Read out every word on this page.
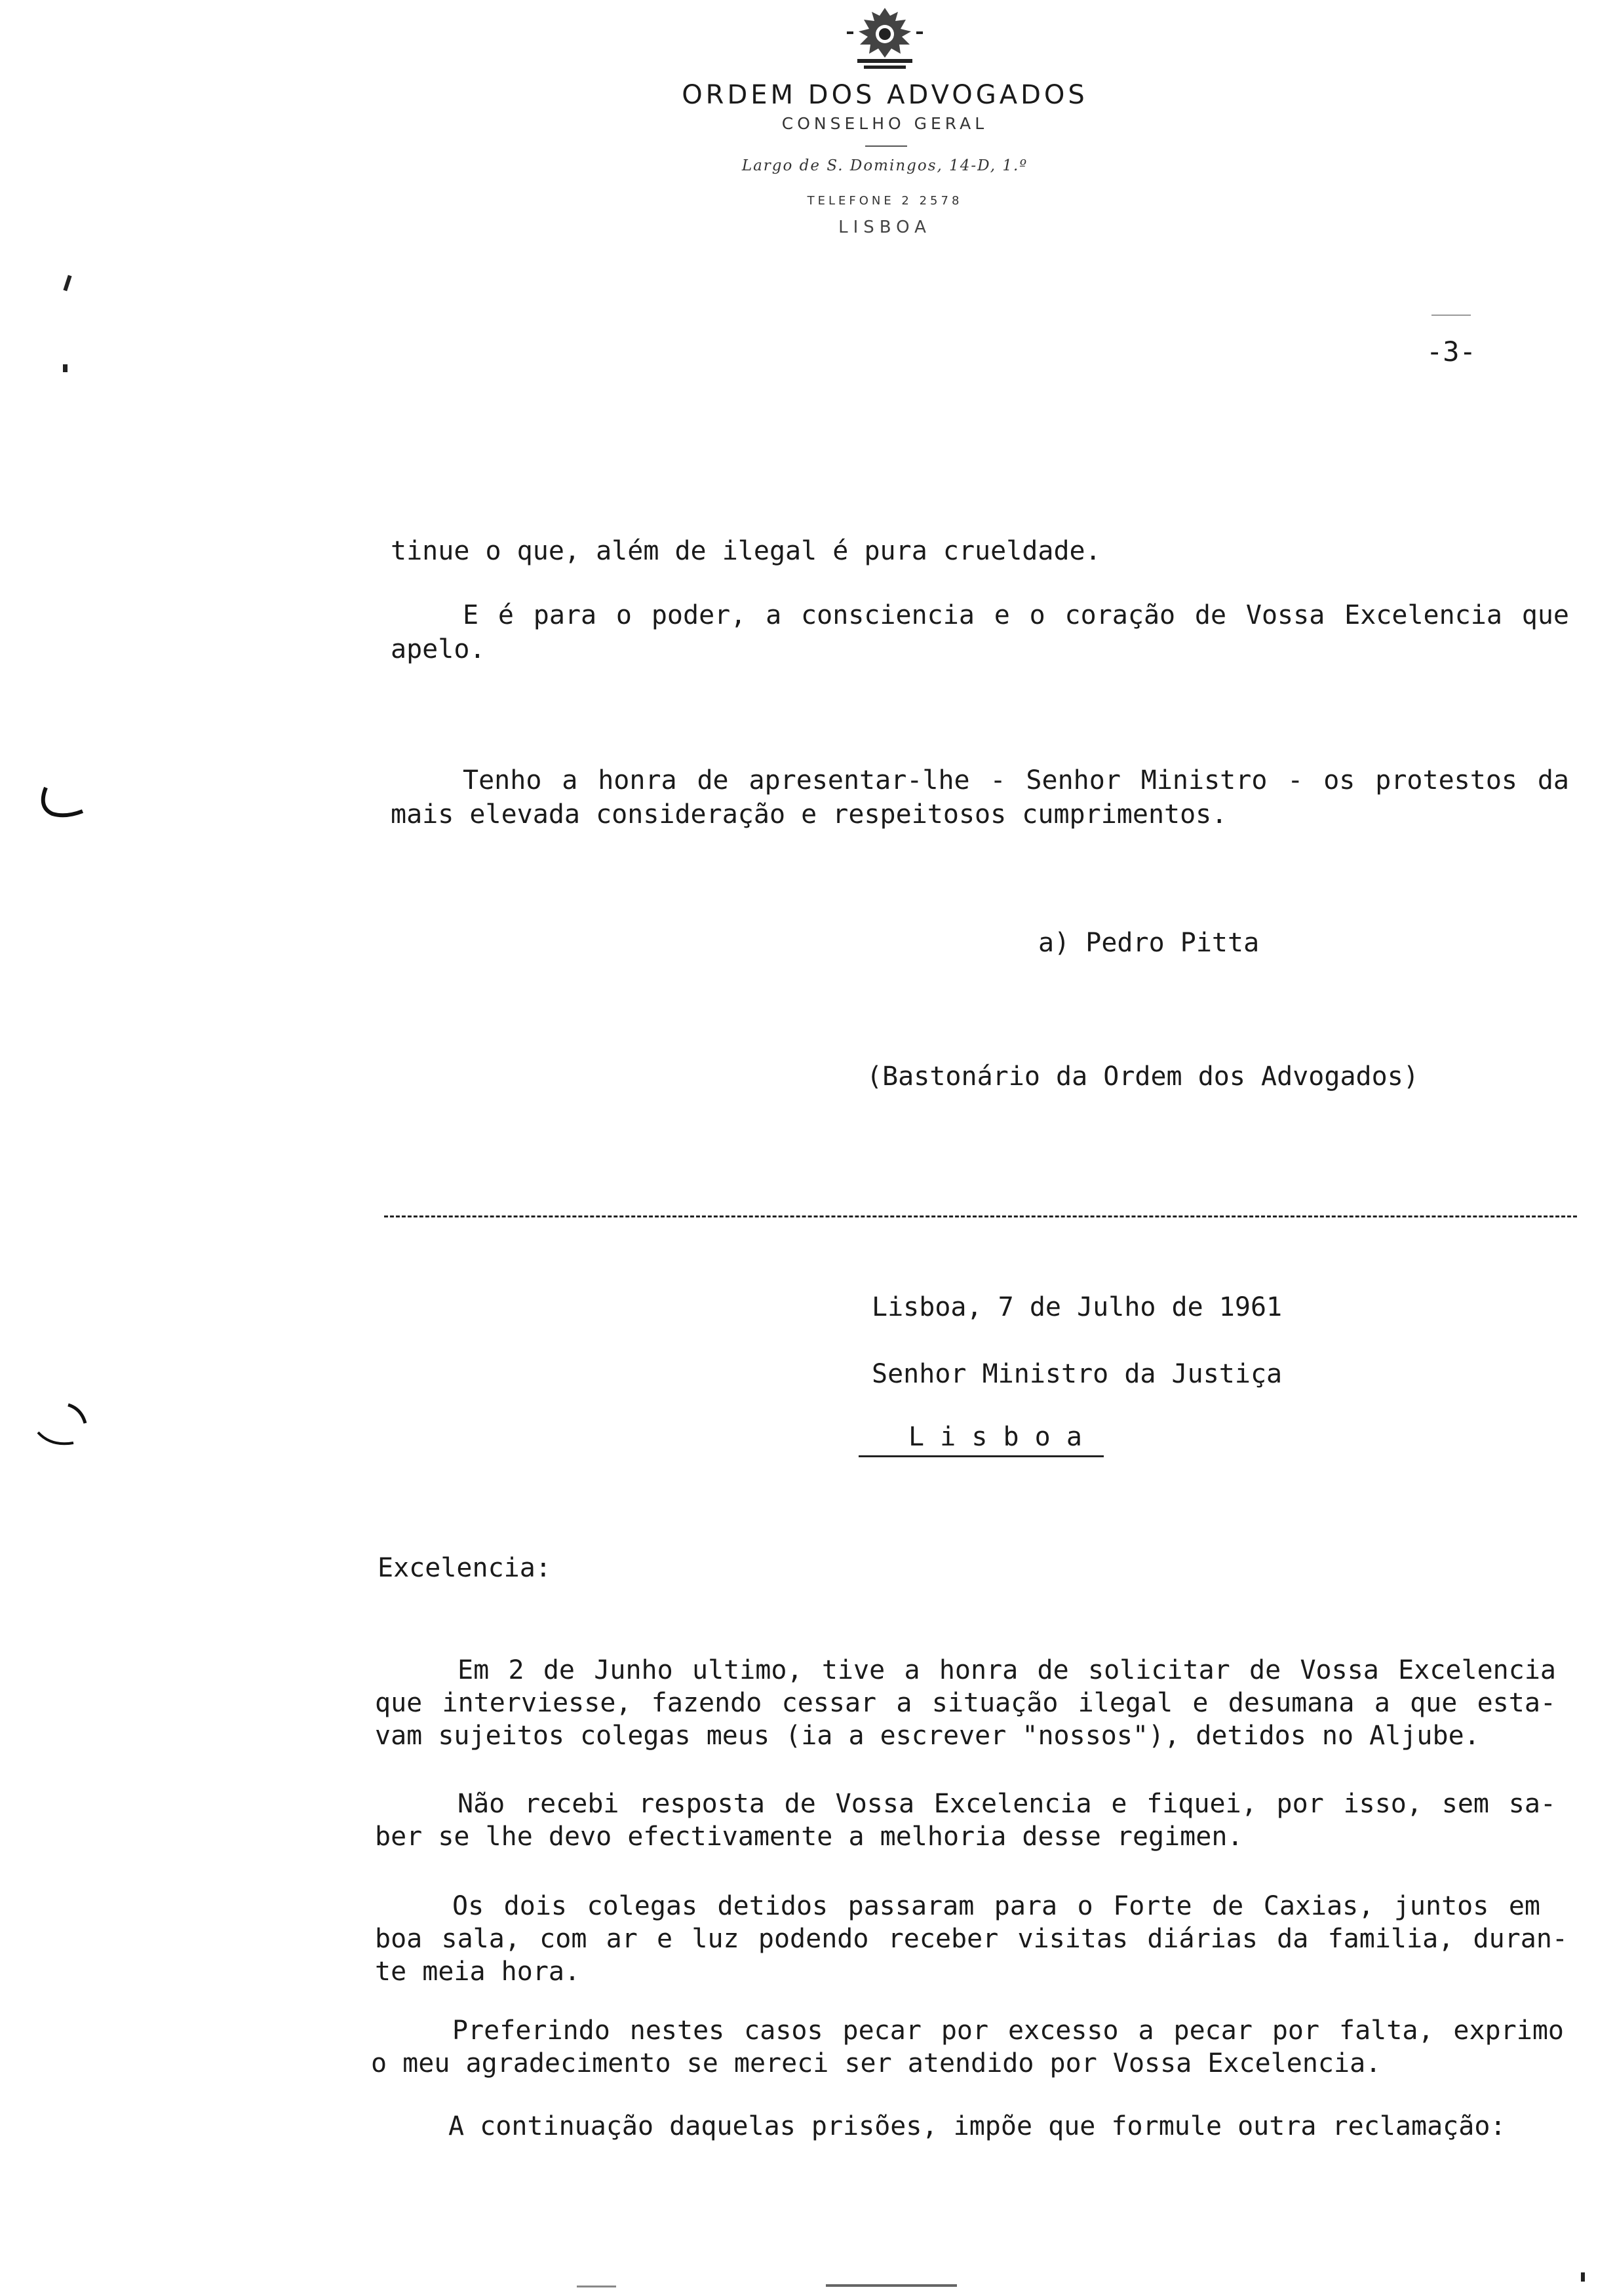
ORDEM DOS ADVOGADOS
CONSELHO GERAL
Largo de S. Domingos, 14-D, 1.º
TELEFONE 2 2578
LISBOA
-3-
tinue o que, além de ilegal é pura crueldade.
E é para o poder, a consciencia e o coração de Vossa Excelencia que
apelo.
Tenho a honra de apresentar-lhe - Senhor Ministro - os protestos da
mais elevada consideração e respeitosos cumprimentos.
a) Pedro Pitta
(Bastonário da Ordem dos Advogados)
Lisboa, 7 de Julho de 1961
Senhor Ministro da Justiça
L i s b o a
Excelencia:
Em 2 de Junho ultimo, tive a honra de solicitar de Vossa Excelencia
que interviesse, fazendo cessar a situação ilegal e desumana a que esta-
vam sujeitos colegas meus (ia a escrever "nossos"), detidos no Aljube.
Não recebi resposta de Vossa Excelencia e fiquei, por isso, sem sa-
ber se lhe devo efectivamente a melhoria desse regimen.
Os dois colegas detidos passaram para o Forte de Caxias, juntos em
boa sala, com ar e luz podendo receber visitas diárias da familia, duran-
te meia hora.
Preferindo nestes casos pecar por excesso a pecar por falta, exprimo
o meu agradecimento se mereci ser atendido por Vossa Excelencia.
A continuação daquelas prisões, impõe que formule outra reclamação:
